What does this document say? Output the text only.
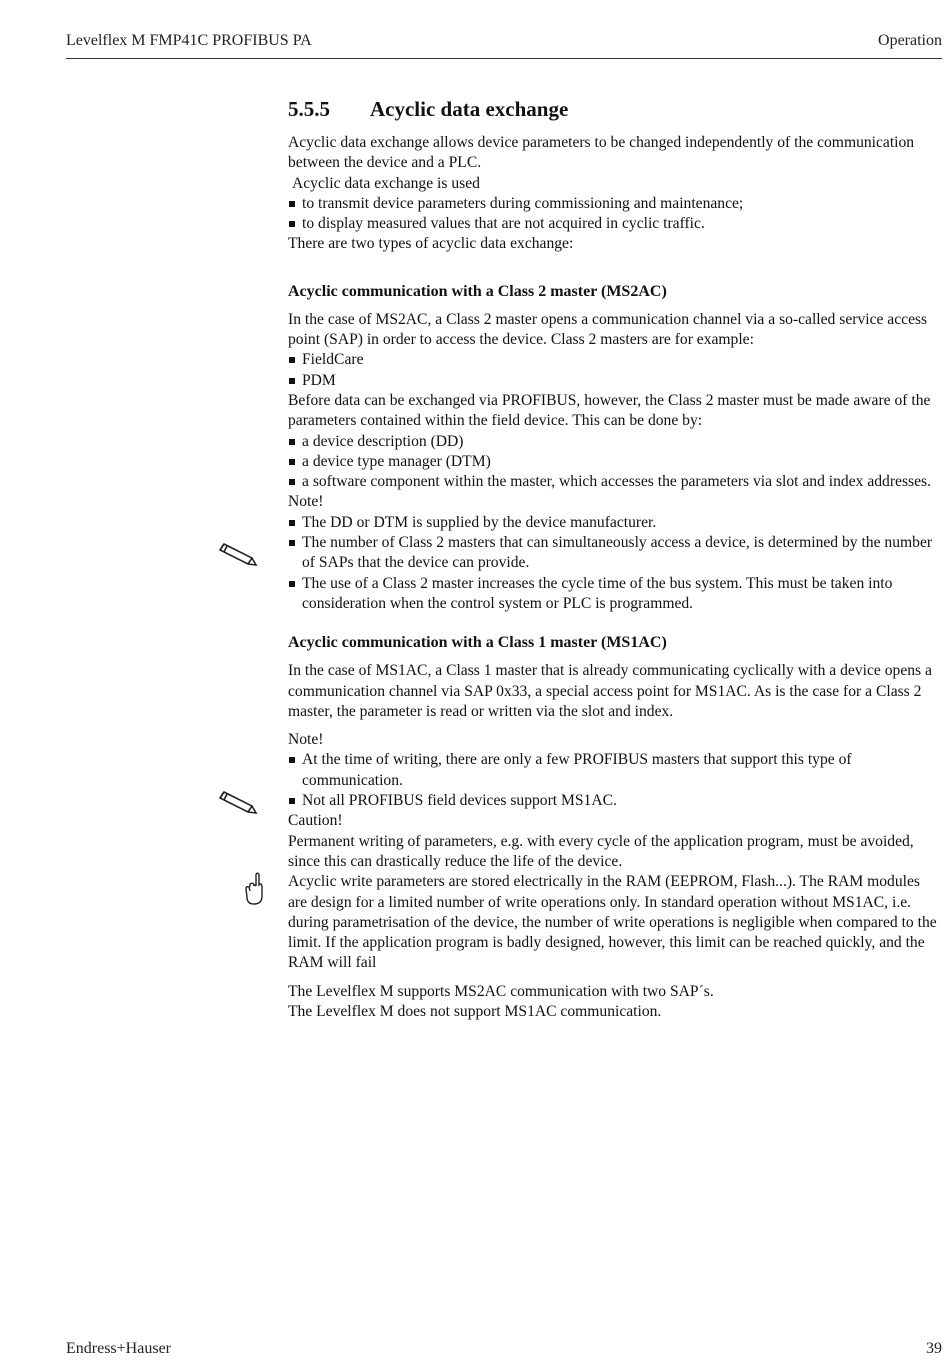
Levelflex M FMP41C PROFIBUS PA	Operation
5.5.5 Acyclic data exchange

Acyclic data exchange allows device parameters to be changed independently of the communication between the device and a PLC.

Acyclic data exchange is used

to transmit device parameters during commissioning and maintenance;
to display measured values that are not acquired in cyclic traffic.

There are two types of acyclic data exchange:

Acyclic communication with a Class 2 master (MS2AC)

In the case of MS2AC, a Class 2 master opens a communication channel via a so-called service access point (SAP) in order to access the device. Class 2 masters are for example:

FieldCare
PDM

Before data can be exchanged via PROFIBUS, however, the Class 2 master must be made aware of the parameters contained within the field device. This can be done by:

a device description (DD)
a device type manager (DTM)
a software component within the master, which accesses the parameters via slot and index addresses.

Note!

The DD or DTM is supplied by the device manufacturer.
The number of Class 2 masters that can simultaneously access a device, is determined by the number of SAPs that the device can provide.
The use of a Class 2 master increases the cycle time of the bus system. This must be taken into consideration when the control system or PLC is programmed.
Acyclic communication with a Class 1 master (MS1AC)

In the case of MS1AC, a Class 1 master that is already communicating cyclically with a device opens a communication channel via SAP 0x33, a special access point for MS1AC. As is the case for a Class 2 master, the parameter is read or written via the slot and index.

Note!

At the time of writing, there are only a few PROFIBUS masters that support this type of communication.
Not all PROFIBUS field devices support MS1AC.

Caution!

Permanent writing of parameters, e.g. with every cycle of the application program, must be avoided, since this can drastically reduce the life of the device.

Acyclic write parameters are stored electrically in the RAM (EEPROM, Flash...). The RAM modules are design for a limited number of write operations only. In standard operation without MS1AC, i.e. during parametrisation of the device, the number of write operations is negligible when compared to the limit. If the application program is badly designed, however, this limit can be reached quickly, and the RAM will fail

The Levelflex M supports MS2AC communication with two SAP´s.

The Levelflex M does not support MS1AC communication.

Endress+Hauser	39
